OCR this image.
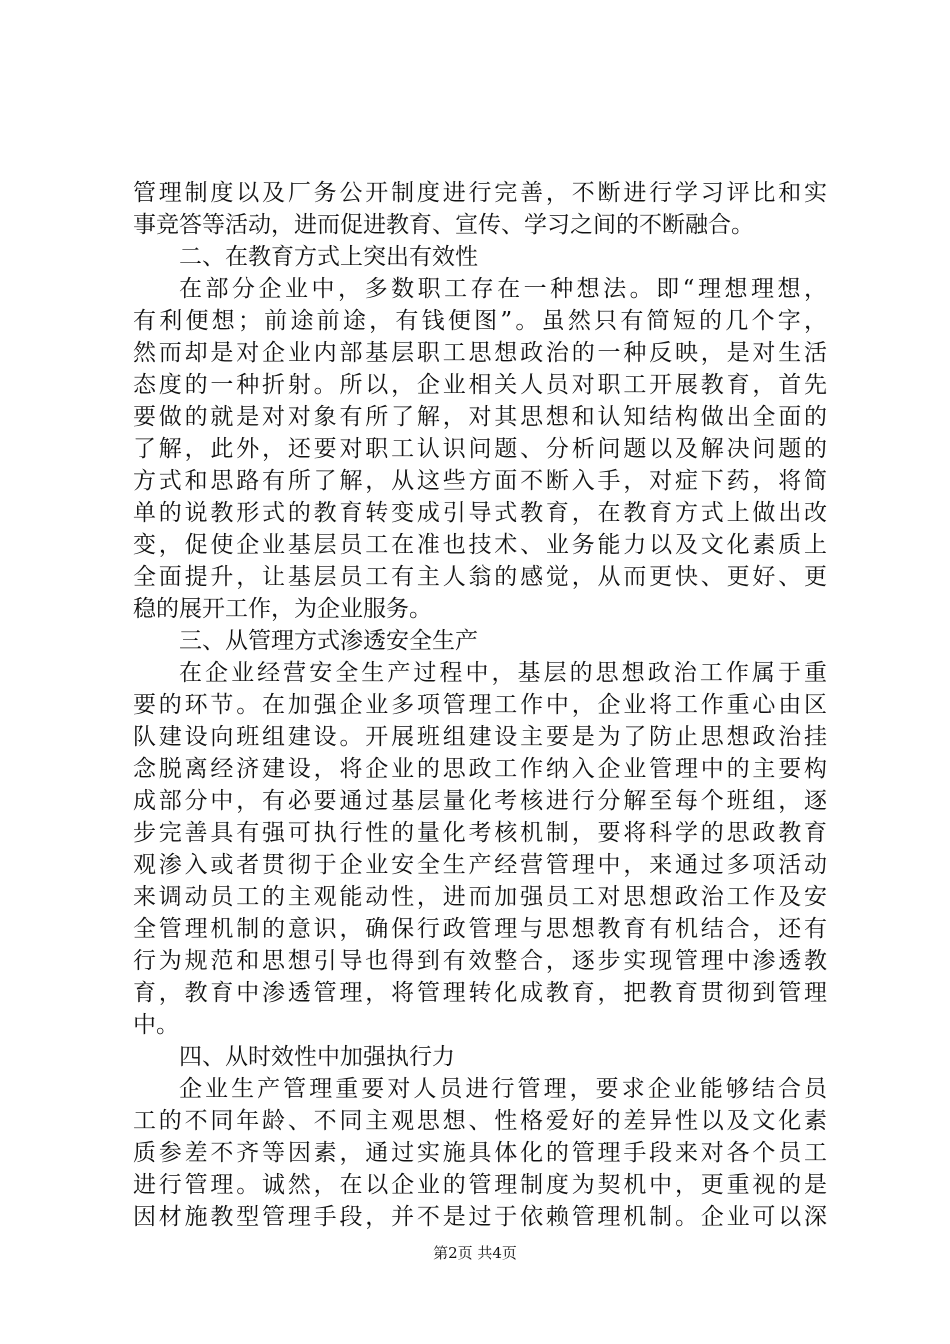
管理制度以及厂务公开制度进行完善，不断进行学习评比和实
事竞答等活动，进而促进教育、宣传、学习之间的不断融合。
二、在教育方式上突出有效性
在部分企业中，多数职工存在一种想法。即“理想理想，
有利便想；前途前途，有钱便图”。虽然只有简短的几个字，
然而却是对企业内部基层职工思想政治的一种反映，是对生活
态度的一种折射。所以，企业相关人员对职工开展教育，首先
要做的就是对对象有所了解，对其思想和认知结构做出全面的
了解，此外，还要对职工认识问题、分析问题以及解决问题的
方式和思路有所了解，从这些方面不断入手，对症下药，将简
单的说教形式的教育转变成引导式教育，在教育方式上做出改
变，促使企业基层员工在准也技术、业务能力以及文化素质上
全面提升，让基层员工有主人翁的感觉，从而更快、更好、更
稳的展开工作，为企业服务。
三、从管理方式渗透安全生产
在企业经营安全生产过程中，基层的思想政治工作属于重
要的环节。在加强企业多项管理工作中，企业将工作重心由区
队建设向班组建设。开展班组建设主要是为了防止思想政治挂
念脱离经济建设，将企业的思政工作纳入企业管理中的主要构
成部分中，有必要通过基层量化考核进行分解至每个班组，逐
步完善具有强可执行性的量化考核机制，要将科学的思政教育
观渗入或者贯彻于企业安全生产经营管理中，来通过多项活动
来调动员工的主观能动性，进而加强员工对思想政治工作及安
全管理机制的意识，确保行政管理与思想教育有机结合，还有
行为规范和思想引导也得到有效整合，逐步实现管理中渗透教
育，教育中渗透管理，将管理转化成教育，把教育贯彻到管理
中。
四、从时效性中加强执行力
企业生产管理重要对人员进行管理，要求企业能够结合员
工的不同年龄、不同主观思想、性格爱好的差异性以及文化素
质参差不齐等因素，通过实施具体化的管理手段来对各个员工
进行管理。诚然，在以企业的管理制度为契机中，更重视的是
因材施教型管理手段，并不是过于依赖管理机制。企业可以深
第2页 共4页
